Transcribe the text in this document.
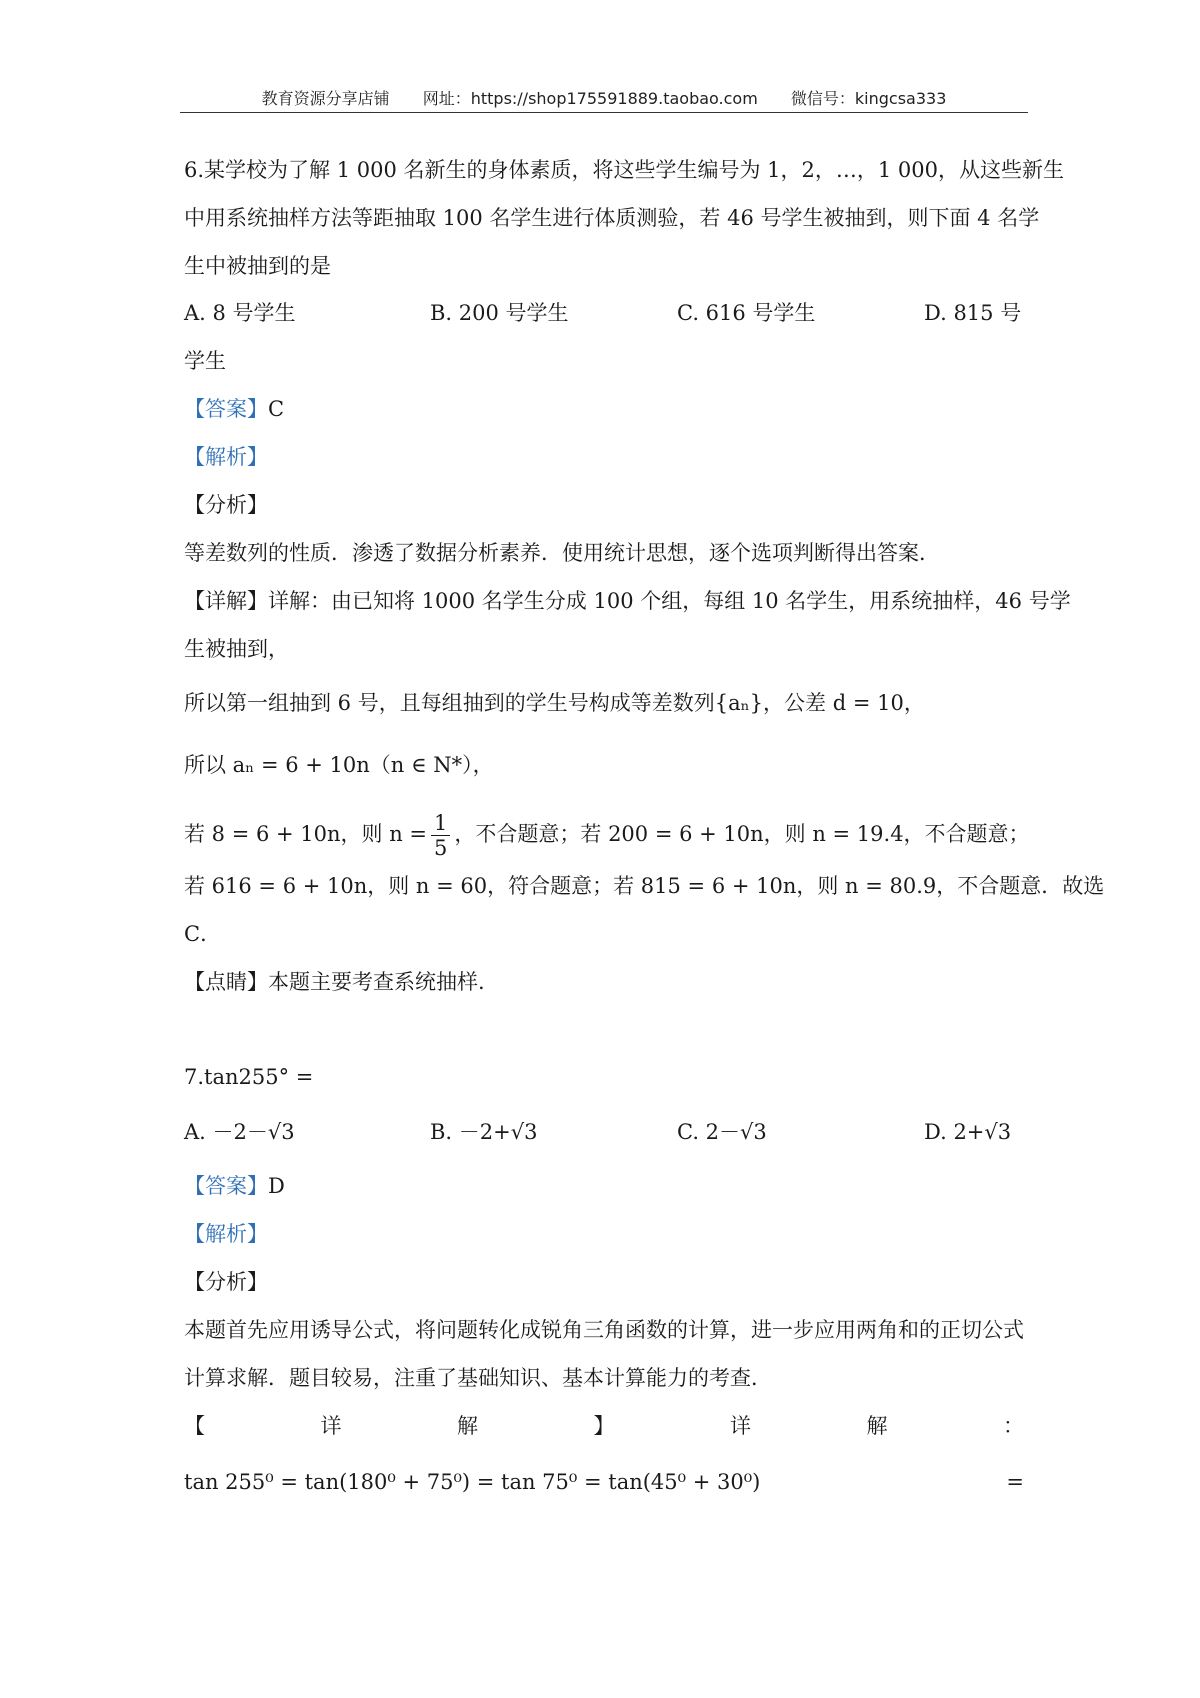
教育资源分享店铺 网址：https://shop175591889.taobao.com 微信号：kingcsa333
6.某学校为了解 1 000 名新生的身体素质，将这些学生编号为 1，2，…，1 000，从这些新生
中用系统抽样方法等距抽取 100 名学生进行体质测验，若 46 号学生被抽到，则下面 4 名学
生中被抽到的是
A. 8 号学生	B. 200 号学生	C. 616 号学生	D. 815 号
学生
【答案】C
【解析】
【分析】
等差数列的性质．渗透了数据分析素养．使用统计思想，逐个选项判断得出答案．
【详解】详解：由已知将 1000 名学生分成 100 个组，每组 10 名学生，用系统抽样，46 号学
生被抽到，
所以第一组抽到 6 号，且每组抽到的学生号构成等差数列{aₙ}，公差 d = 10，
所以 aₙ = 6 + 10n（n ∈ N*），
若 8 = 6 + 10n，则 $n = \frac{1}{5}$ ，不合题意；若 200 = 6 + 10n，则 n = 19.4，不合题意；
若 616 = 6 + 10n，则 n = 60，符合题意；若 815 = 6 + 10n，则 n = 80.9，不合题意．故选
C．
【点睛】本题主要考查系统抽样.
7.tan255° =
A. －2－√3	B. －2+√3	C. 2－√3	D. 2+√3
【答案】D
【解析】
【分析】
本题首先应用诱导公式，将问题转化成锐角三角函数的计算，进一步应用两角和的正切公式
计算求解．题目较易，注重了基础知识、基本计算能力的考查．
【	详	解	】	详	解	：
tan 255⁰ = tan(180⁰ + 75⁰) = tan 75⁰ = tan(45⁰ + 30⁰)	=
